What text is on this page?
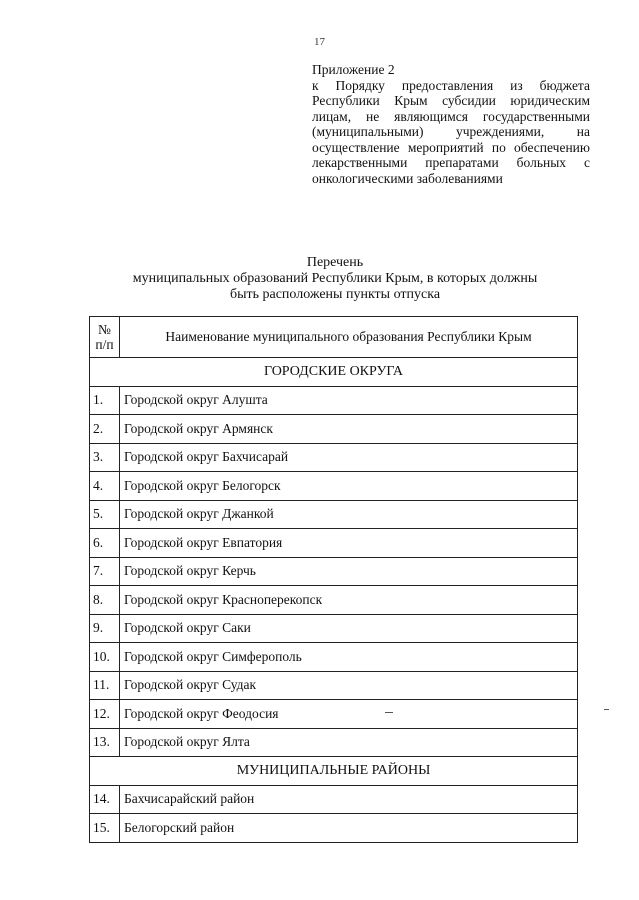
17

Приложение 2

к Порядку предоставления из бюджета Республики Крым субсидии юридическим лицам, не являющимся государственными (муниципальными) учреждениями, на осуществление мероприятий по обеспечению лекарственными препаратами больных с онкологическими заболеваниями

Перечень
муниципальных образований Республики Крым, в которых должны
быть расположены пункты отпуска
№
п/п	Наименование муниципального образования Республики Крым
ГОРОДСКИЕ ОКРУГА	
1.	Городской округ Алушта
2.	Городской округ Армянск
3.	Городской округ Бахчисарай
4.	Городской округ Белогорск
5.	Городской округ Джанкой
6.	Городской округ Евпатория
7.	Городской округ Керчь
8.	Городской округ Красноперекопск
9.	Городской округ Саки
10.	Городской округ Симферополь
11.	Городской округ Судак
12.	Городской округ Феодосия
13.	Городской округ Ялта
МУНИЦИПАЛЬНЫЕ РАЙОНЫ	
14.	Бахчисарайский район
15.	Белогорский район
